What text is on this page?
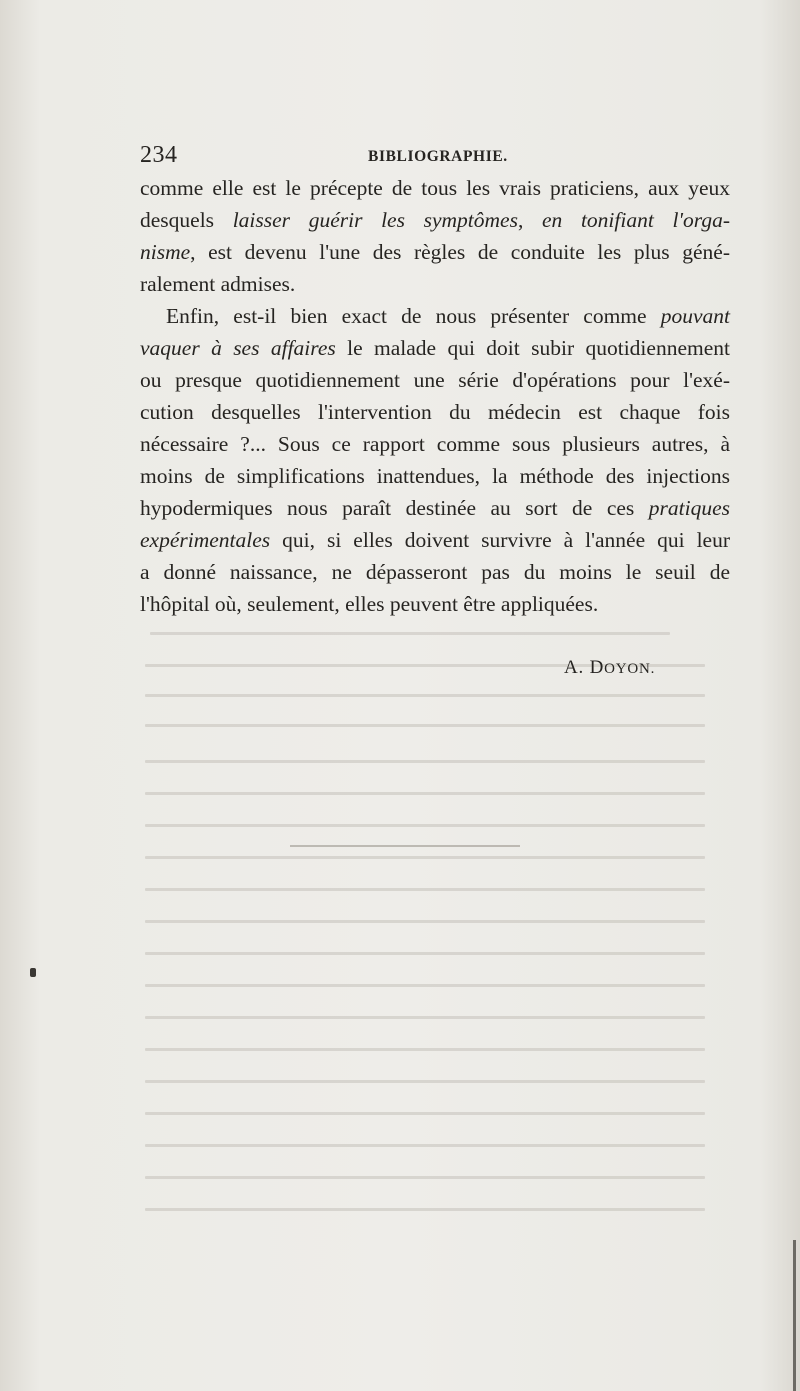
234	BIBLIOGRAPHIE.
comme elle est le précepte de tous les vrais praticiens, aux yeux
desquels laisser guérir les symptômes, en tonifiant l'orga-
nisme, est devenu l'une des règles de conduite les plus géné-
ralement admises.
Enfin, est-il bien exact de nous présenter comme pouvant
vaquer à ses affaires le malade qui doit subir quotidiennement
ou presque quotidiennement une série d'opérations pour l'exé-
cution desquelles l'intervention du médecin est chaque fois
nécessaire ?... Sous ce rapport comme sous plusieurs autres, à
moins de simplifications inattendues, la méthode des injections
hypodermiques nous paraît destinée au sort de ces pratiques
expérimentales qui, si elles doivent survivre à l'année qui leur
a donné naissance, ne dépasseront pas du moins le seuil de
l'hôpital où, seulement, elles peuvent être appliquées.
A. DOYON.
